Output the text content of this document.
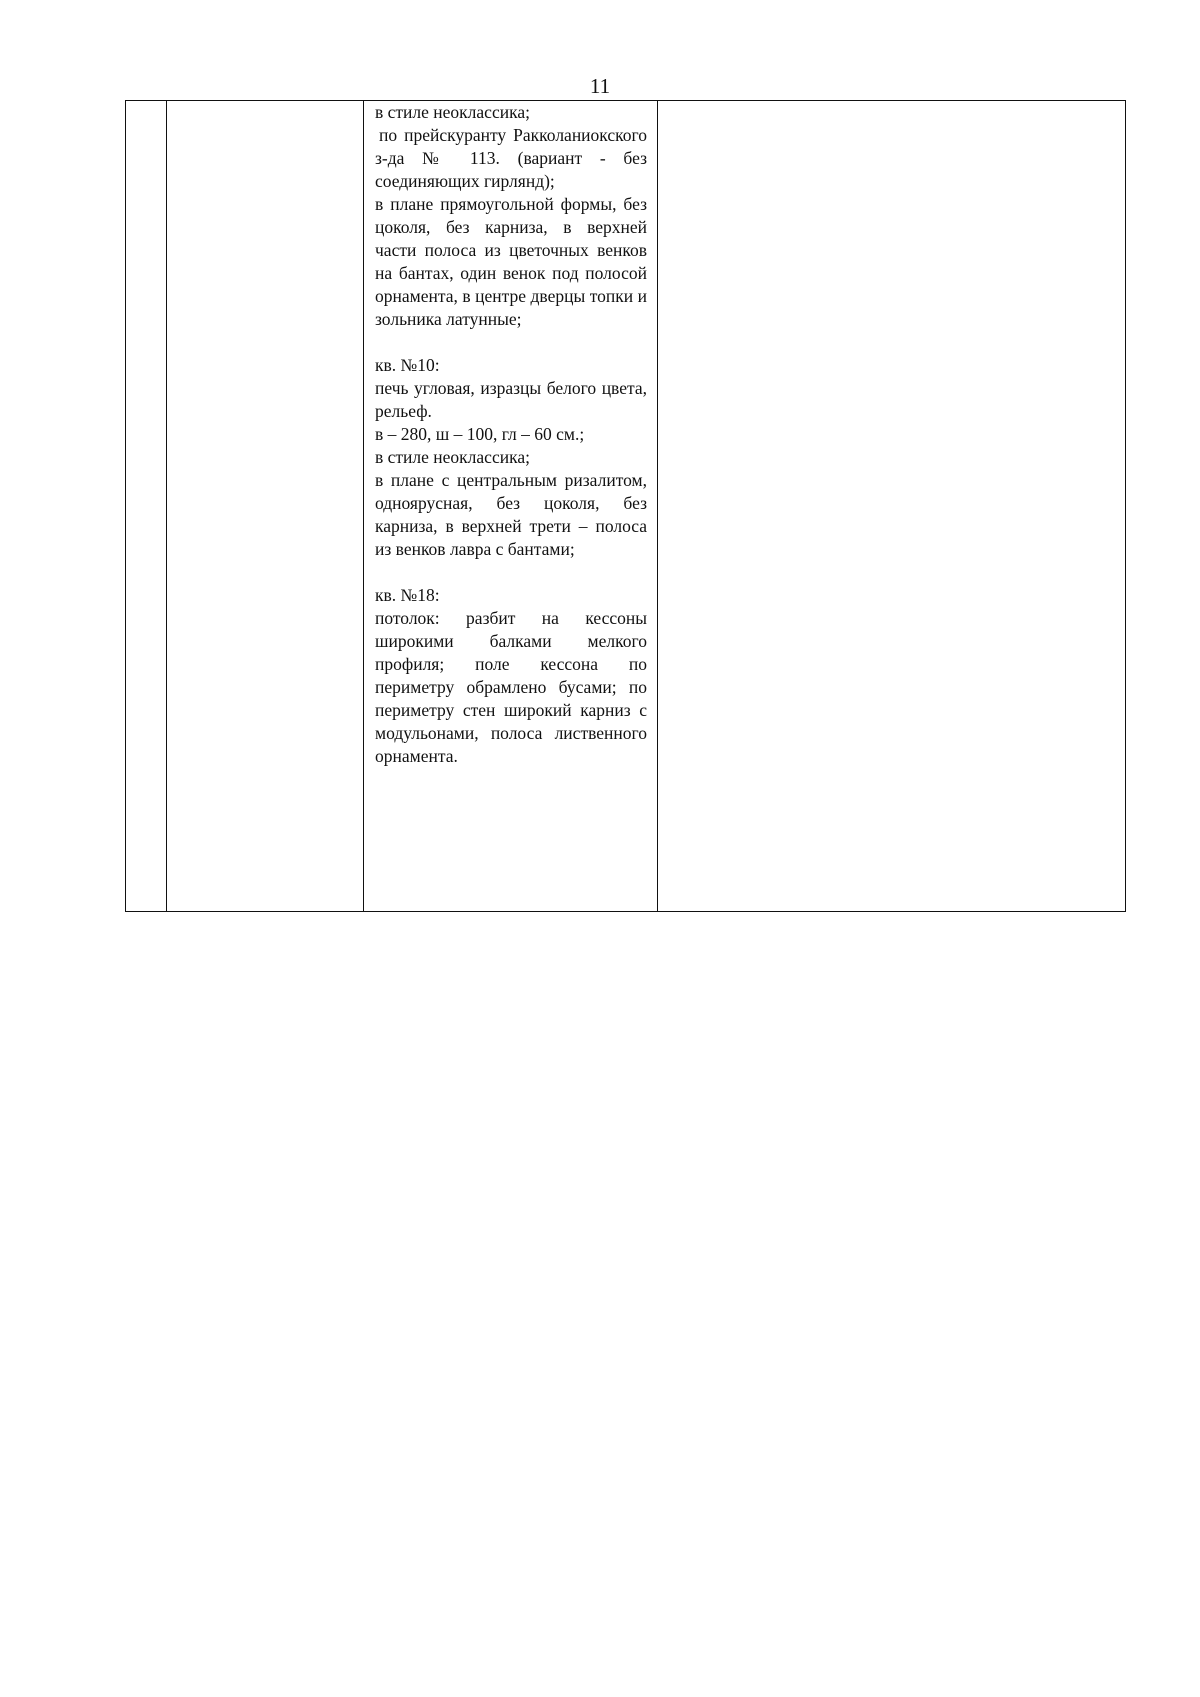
11

в стиле неоклассика;

по прейскуранту Ракколаниокского з-да № 113. (вариант - без соединяющих гирлянд);

в плане прямоугольной формы, без цоколя, без карниза, в верхней части полоса из цветочных венков на бантах, один венок под полосой орнамента, в центре дверцы топки и зольника латунные;

кв. №10:

печь угловая, изразцы белого цвета, рельеф.

в – 280, ш – 100, гл – 60 см.;

в стиле неоклассика;

в плане с центральным ризалитом, одноярусная, без цоколя, без карниза, в верхней трети – полоса из венков лавра с бантами;

кв. №18:

потолок: разбит на кессоны широкими балками мелкого профиля; поле кессона по периметру обрамлено бусами; по периметру стен широкий карниз с модульонами, полоса лиственного орнамента.
